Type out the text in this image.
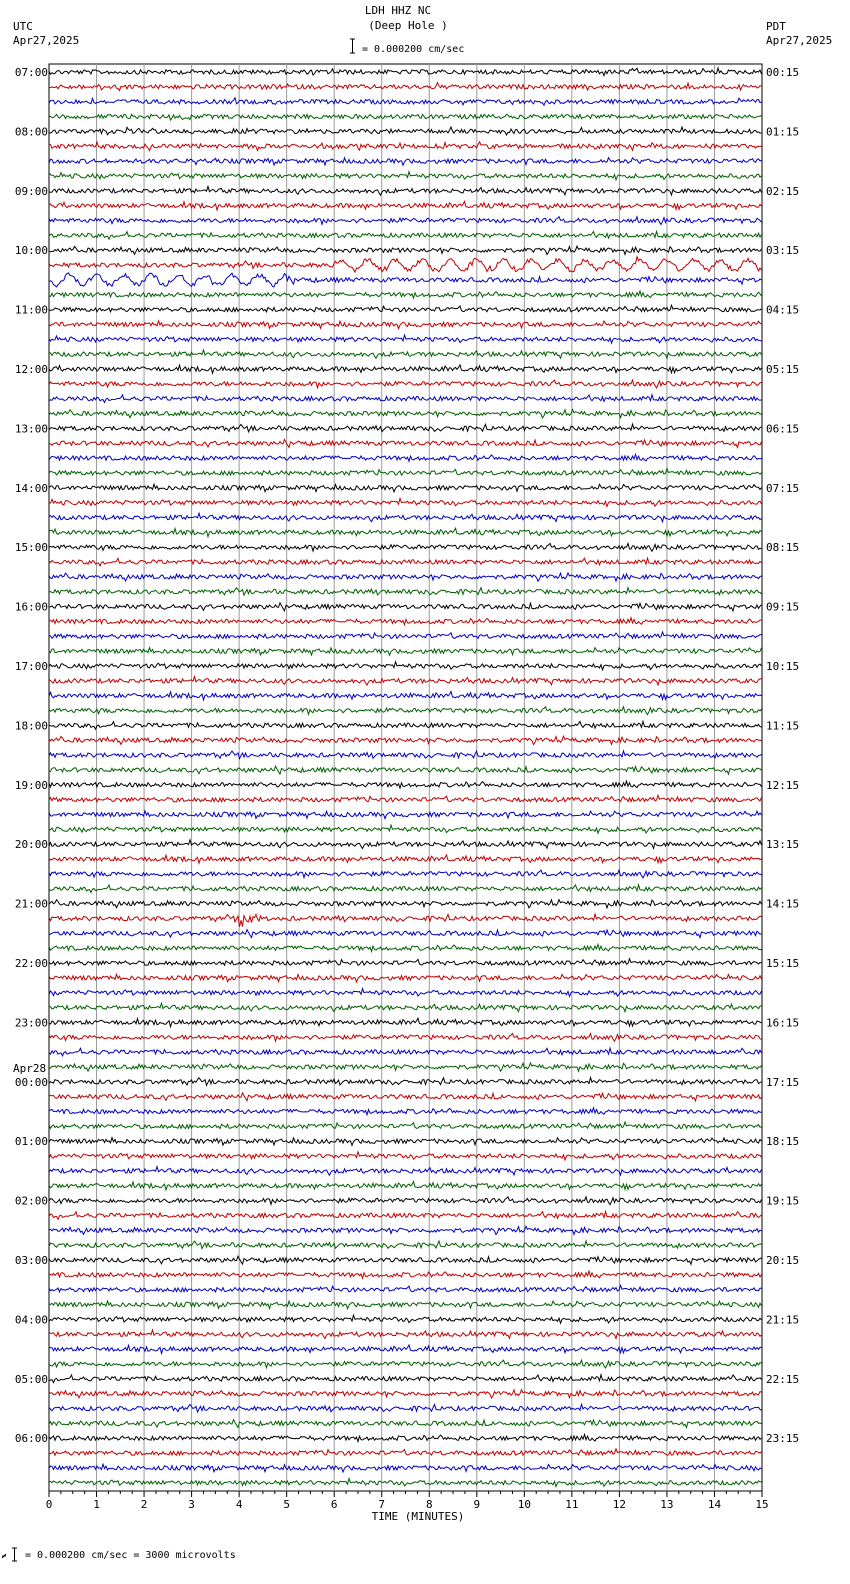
LDH HHZ NC
(Deep Hole )
UTC
Apr27,2025
PDT
Apr27,2025
= 0.000200 cm/sec
0	1	2	3	4	5	6	7	8	9	10	11	12	13	14	15
07:00	00:15
08:00	01:15
09:00	02:15
10:00	03:15
11:00	04:15
12:00	05:15
13:00	06:15
14:00	07:15
15:00	08:15
16:00	09:15
17:00	10:15
18:00	11:15
19:00	12:15
20:00	13:15
21:00	14:15
22:00	15:15
23:00	16:15
00:00	17:15
Apr28
01:00	18:15
02:00	19:15
03:00	20:15
04:00	21:15
05:00	22:15
06:00	23:15
TIME (MINUTES)
= 0.000200 cm/sec = 3000 microvolts
